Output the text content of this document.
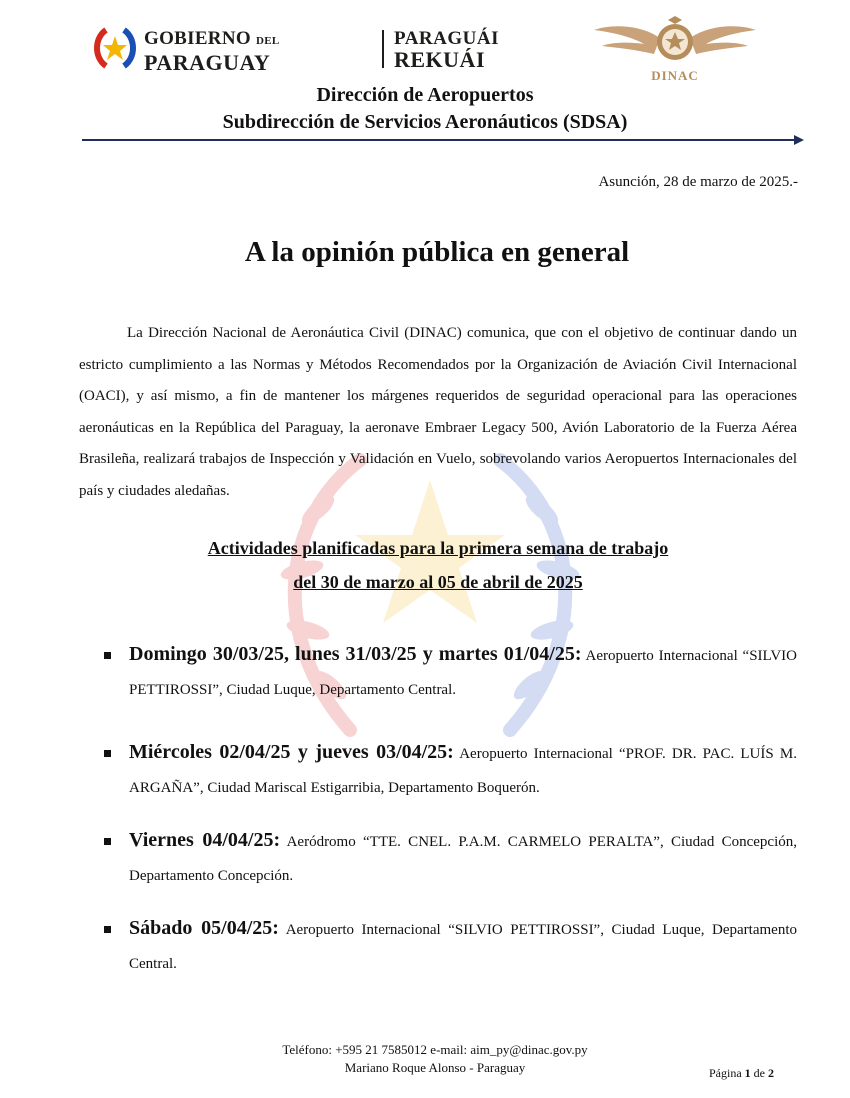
GOBIERNO DEL
PARAGUAY
PARAGUÁI
REKUÁI
DINAC
Dirección de Aeropuertos
Subdirección de Servicios Aeronáuticos (SDSA)
Asunción, 28 de marzo de 2025.-
A la opinión pública en general

La Dirección Nacional de Aeronáutica Civil (DINAC) comunica, que con el objetivo de continuar dando un estricto cumplimiento a las Normas y Métodos Recomendados por la Organización de Aviación Civil Internacional (OACI), y así mismo, a fin de mantener los márgenes requeridos de seguridad operacional para las operaciones aeronáuticas en la República del Paraguay, la aeronave Embraer Legacy 500, Avión Laboratorio de la Fuerza Aérea Brasileña, realizará trabajos de Inspección y Validación en Vuelo, sobrevolando varios Aeropuertos Internacionales del país y ciudades aledañas.

Actividades planificadas para la primera semana de trabajo
del 30 de marzo al 05 de abril de 2025

Domingo 30/03/25, lunes 31/03/25 y martes 01/04/25: Aeropuerto Internacional “SILVIO PETTIROSSI”, Ciudad Luque, Departamento Central.

Miércoles 02/04/25 y jueves 03/04/25: Aeropuerto Internacional “PROF. DR. PAC. LUÍS M. ARGAÑA”, Ciudad Mariscal Estigarribia, Departamento Boquerón.

Viernes 04/04/25: Aeródromo “TTE. CNEL. P.A.M. CARMELO PERALTA”, Ciudad Concepción, Departamento Concepción.

Sábado 05/04/25: Aeropuerto Internacional “SILVIO PETTIROSSI”, Ciudad Luque, Departamento Central.

Teléfono: +595 21 7585012 e-mail: aim_py@dinac.gov.py
Mariano Roque Alonso - Paraguay	Página 1 de 2
